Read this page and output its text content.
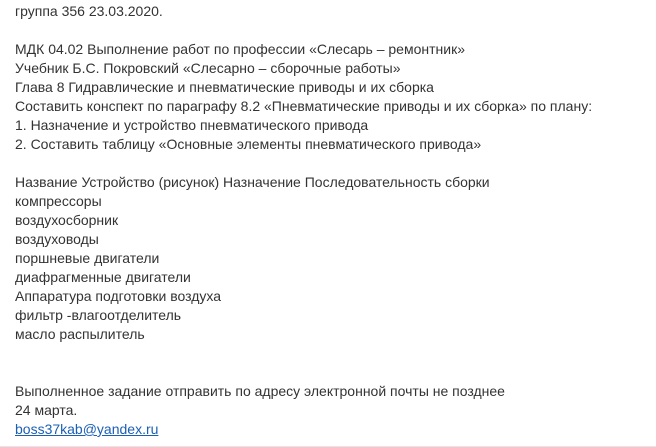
группа 356 23.03.2020.
МДК 04.02 Выполнение работ по профессии «Слесарь – ремонтник»
Учебник Б.С. Покровский «Слесарно – сборочные работы»
Глава 8 Гидравлические и пневматические приводы и их сборка
Составить конспект по параграфу 8.2 «Пневматические приводы и их сборка» по плану:
1. Назначение и устройство пневматического привода
2. Составить таблицу «Основные элементы пневматического привода»
Название Устройство (рисунок) Назначение Последовательность сборки
компрессоры
воздухосборник
воздуховоды
поршневые двигатели
диафрагменные двигатели
Аппаратура подготовки воздуха
фильтр -влагоотделитель
масло распылитель
Выполненное задание отправить по адресу электронной почты не позднее
24 марта.
boss37kab@yandex.ru
